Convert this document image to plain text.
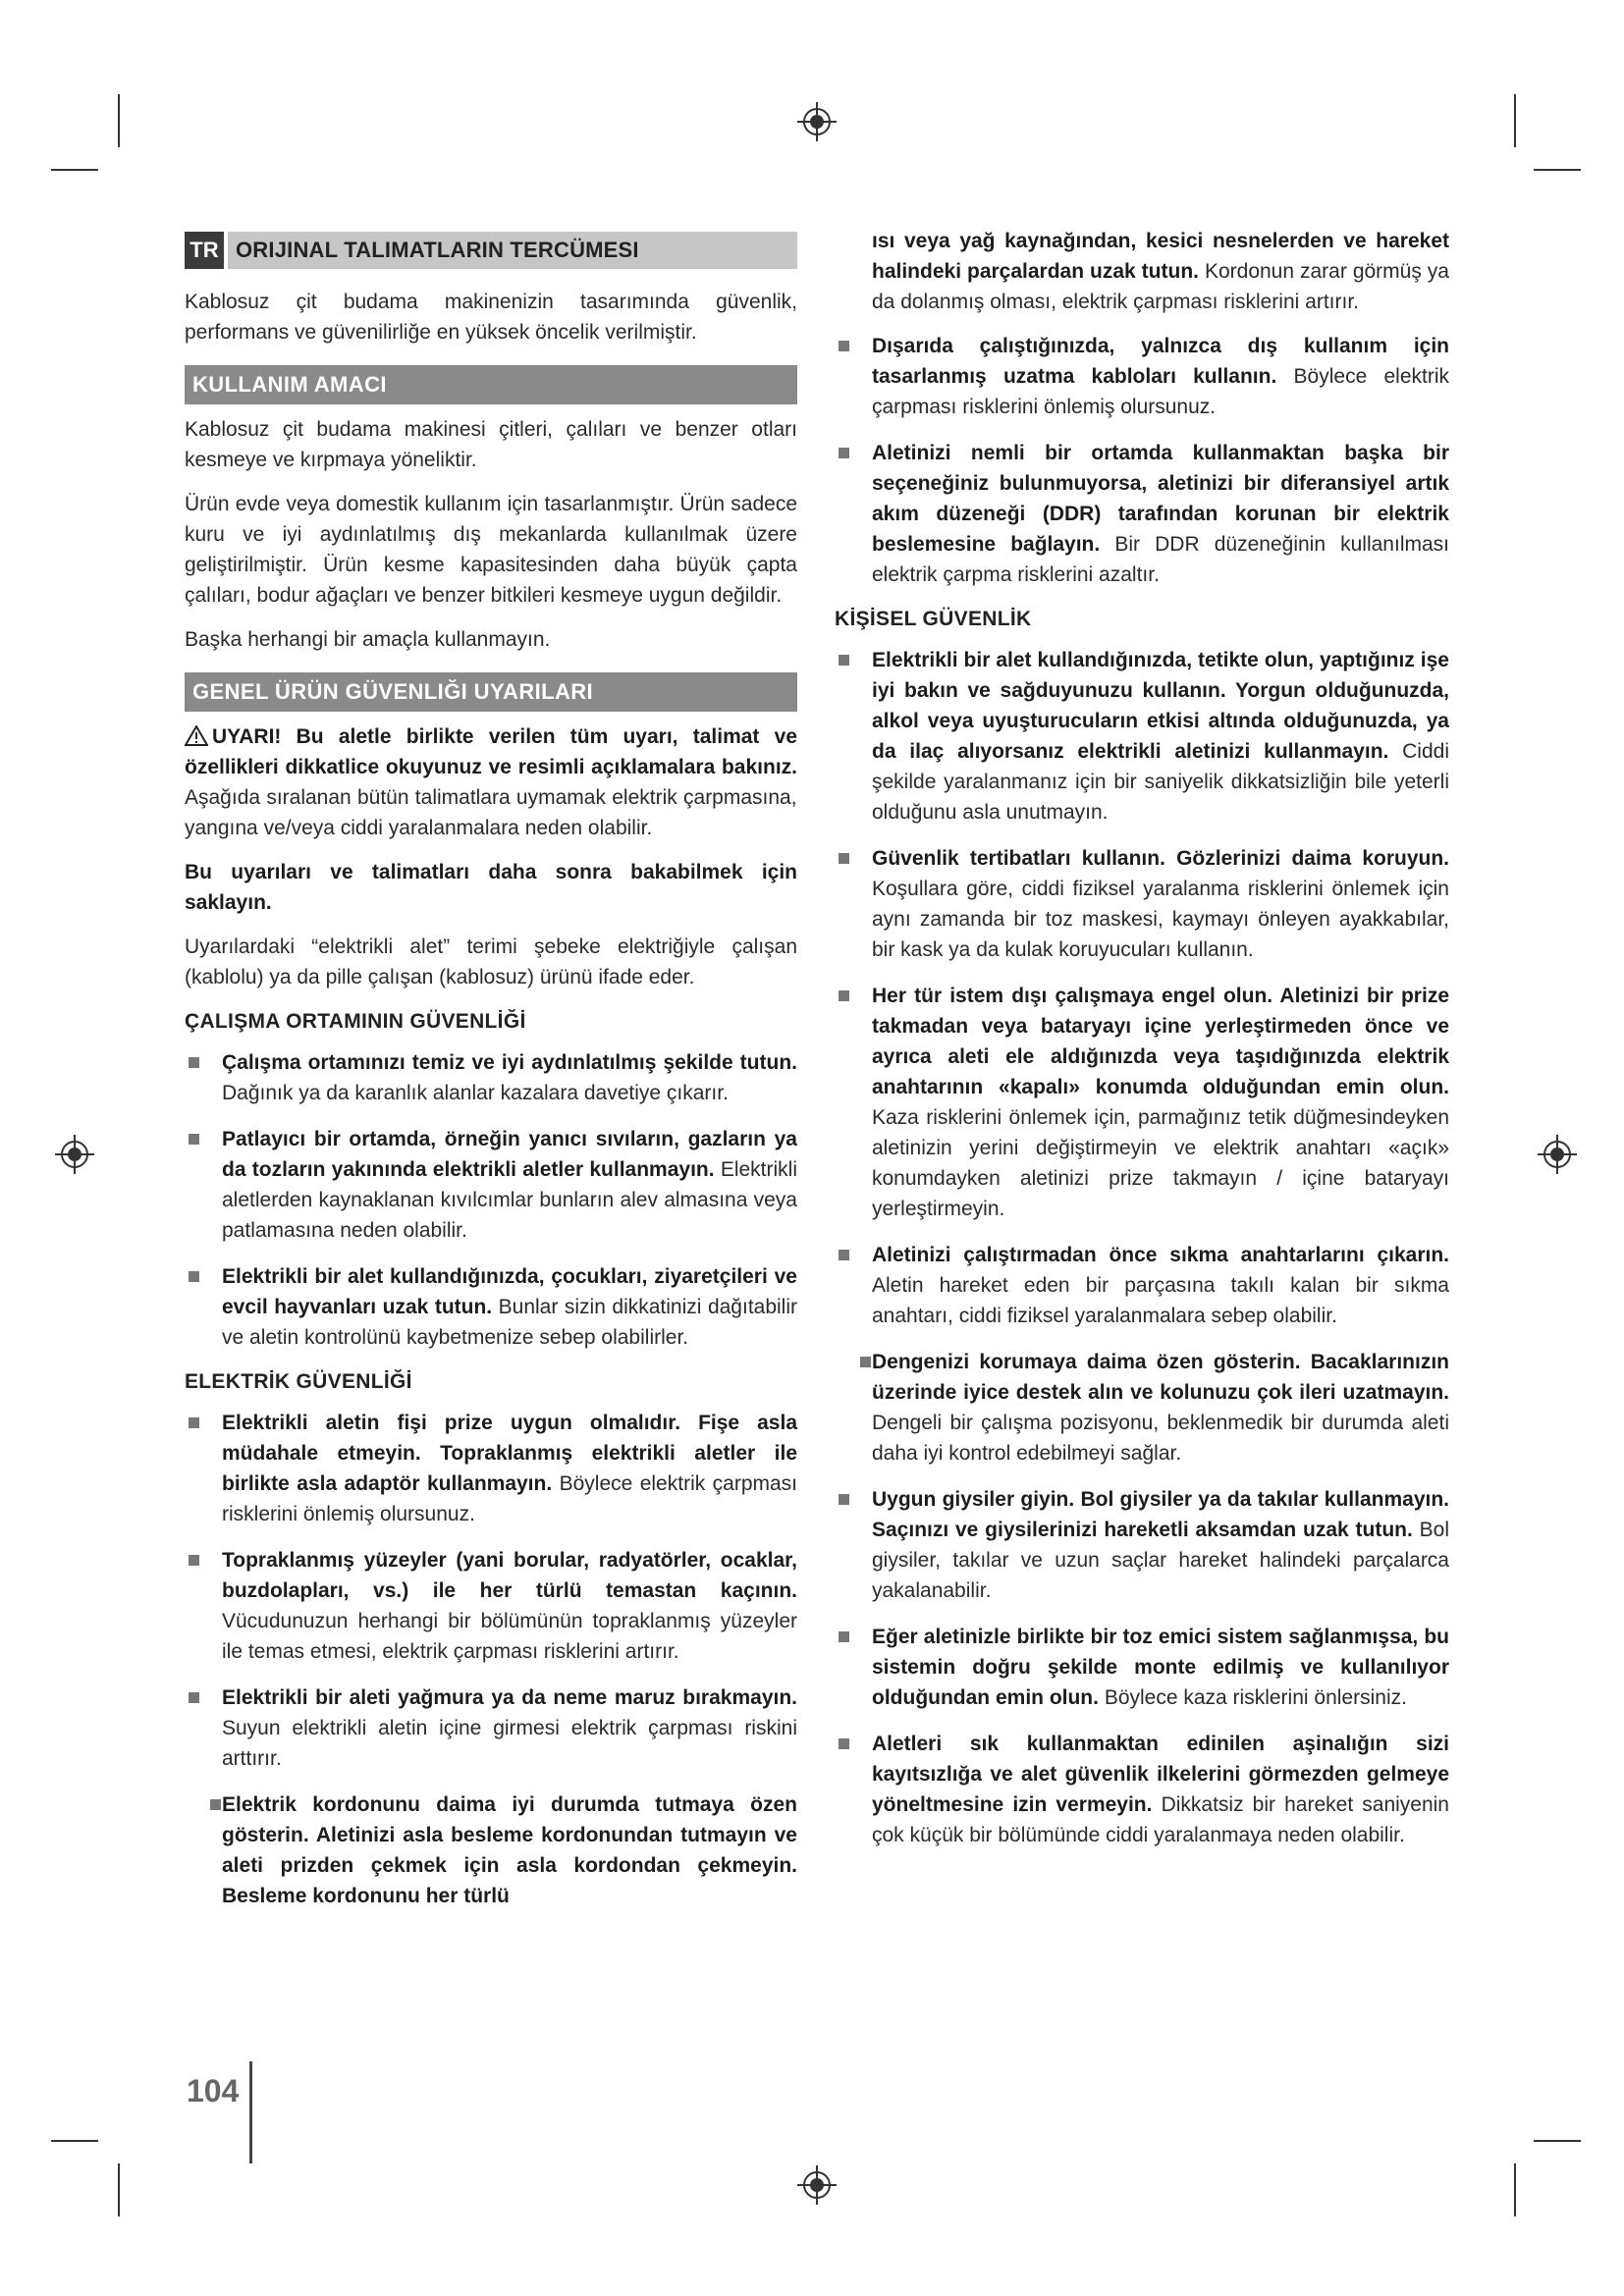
TR ORIJINAL TALIMATLARIN TERCÜMESI

Kablosuz çit budama makinenizin tasarımında güvenlik, performans ve güvenilirliğe en yüksek öncelik verilmiştir.

KULLANIM AMACI

Kablosuz çit budama makinesi çitleri, çalıları ve benzer otları kesmeye ve kırpmaya yöneliktir.

Ürün evde veya domestik kullanım için tasarlanmıştır. Ürün sadece kuru ve iyi aydınlatılmış dış mekanlarda kullanılmak üzere geliştirilmiştir. Ürün kesme kapasitesinden daha büyük çapta çalıları, bodur ağaçları ve benzer bitkileri kesmeye uygun değildir.

Başka herhangi bir amaçla kullanmayın.

GENEL ÜRÜN GÜVENLIĞI UYARILARI

UYARI! Bu aletle birlikte verilen tüm uyarı, talimat ve özellikleri dikkatlice okuyunuz ve resimli açıklamalara bakınız. Aşağıda sıralanan bütün talimatlara uymamak elektrik çarpmasına, yangına ve/veya ciddi yaralanmalara neden olabilir.

Bu uyarıları ve talimatları daha sonra bakabilmek için saklayın.

Uyarılardaki “elektrikli alet” terimi şebeke elektriğiyle çalışan (kablolu) ya da pille çalışan (kablosuz) ürünü ifade eder.

ÇALIŞMA ORTAMININ GÜVENLİĞİ
Çalışma ortamınızı temiz ve iyi aydınlatılmış şekilde tutun. Dağınık ya da karanlık alanlar kazalara davetiye çıkarır.
Patlayıcı bir ortamda, örneğin yanıcı sıvıların, gazların ya da tozların yakınında elektrikli aletler kullanmayın. Elektrikli aletlerden kaynaklanan kıvılcımlar bunların alev almasına veya patlamasına neden olabilir.
Elektrikli bir alet kullandığınızda, çocukları, ziyaretçileri ve evcil hayvanları uzak tutun. Bunlar sizin dikkatinizi dağıtabilir ve aletin kontrolünü kaybetmenize sebep olabilirler.
ELEKTRİK GÜVENLİĞİ
Elektrikli aletin fişi prize uygun olmalıdır. Fişe asla müdahale etmeyin. Topraklanmış elektrikli aletler ile birlikte asla adaptör kullanmayın. Böylece elektrik çarpması risklerini önlemiş olursunuz.
Topraklanmış yüzeyler (yani borular, radyatörler, ocaklar, buzdolapları, vs.) ile her türlü temastan kaçının. Vücudunuzun herhangi bir bölümünün topraklanmış yüzeyler ile temas etmesi, elektrik çarpması risklerini artırır.
Elektrikli bir aleti yağmura ya da neme maruz bırakmayın. Suyun elektrikli aletin içine girmesi elektrik çarpması riskini arttırır.
Elektrik kordonunu daima iyi durumda tutmaya özen gösterin. Aletinizi asla besleme kordonundan tutmayın ve aleti prizden çekmek için asla kordondan çekmeyin. Besleme kordonunu her türlü

ısı veya yağ kaynağından, kesici nesnelerden ve hareket halindeki parçalardan uzak tutun. Kordonun zarar görmüş ya da dolanmış olması, elektrik çarpması risklerini artırır.

Dışarıda çalıştığınızda, yalnızca dış kullanım için tasarlanmış uzatma kabloları kullanın. Böylece elektrik çarpması risklerini önlemiş olursunuz.
Aletinizi nemli bir ortamda kullanmaktan başka bir seçeneğiniz bulunmuyorsa, aletinizi bir diferansiyel artık akım düzeneği (DDR) tarafından korunan bir elektrik beslemesine bağlayın. Bir DDR düzeneğinin kullanılması elektrik çarpma risklerini azaltır.
KİŞİSEL GÜVENLİK
Elektrikli bir alet kullandığınızda, tetikte olun, yaptığınız işe iyi bakın ve sağduyunuzu kullanın. Yorgun olduğunuzda, alkol veya uyuşturucuların etkisi altında olduğunuzda, ya da ilaç alıyorsanız elektrikli aletinizi kullanmayın. Ciddi şekilde yaralanmanız için bir saniyelik dikkatsizliğin bile yeterli olduğunu asla unutmayın.
Güvenlik tertibatları kullanın. Gözlerinizi daima koruyun. Koşullara göre, ciddi fiziksel yaralanma risklerini önlemek için aynı zamanda bir toz maskesi, kaymayı önleyen ayakkabılar, bir kask ya da kulak koruyucuları kullanın.
Her tür istem dışı çalışmaya engel olun. Aletinizi bir prize takmadan veya bataryayı içine yerleştirmeden önce ve ayrıca aleti ele aldığınızda veya taşıdığınızda elektrik anahtarının «kapalı» konumda olduğundan emin olun. Kaza risklerini önlemek için, parmağınız tetik düğmesindeyken aletinizin yerini değiştirmeyin ve elektrik anahtarı «açık» konumdayken aletinizi prize takmayın / içine bataryayı yerleştirmeyin.
Aletinizi çalıştırmadan önce sıkma anahtarlarını çıkarın. Aletin hareket eden bir parçasına takılı kalan bir sıkma anahtarı, ciddi fiziksel yaralanmalara sebep olabilir.
Dengenizi korumaya daima özen gösterin. Bacaklarınızın üzerinde iyice destek alın ve kolunuzu çok ileri uzatmayın. Dengeli bir çalışma pozisyonu, beklenmedik bir durumda aleti daha iyi kontrol edebilmeyi sağlar.
Uygun giysiler giyin. Bol giysiler ya da takılar kullanmayın. Saçınızı ve giysilerinizi hareketli aksamdan uzak tutun. Bol giysiler, takılar ve uzun saçlar hareket halindeki parçalarca yakalanabilir.
Eğer aletinizle birlikte bir toz emici sistem sağlanmışsa, bu sistemin doğru şekilde monte edilmiş ve kullanılıyor olduğundan emin olun. Böylece kaza risklerini önlersiniz.
Aletleri sık kullanmaktan edinilen aşinalığın sizi kayıtsızlığa ve alet güvenlik ilkelerini görmezden gelmeye yöneltmesine izin vermeyin. Dikkatsiz bir hareket saniyenin çok küçük bir bölümünde ciddi yaralanmaya neden olabilir.
104
